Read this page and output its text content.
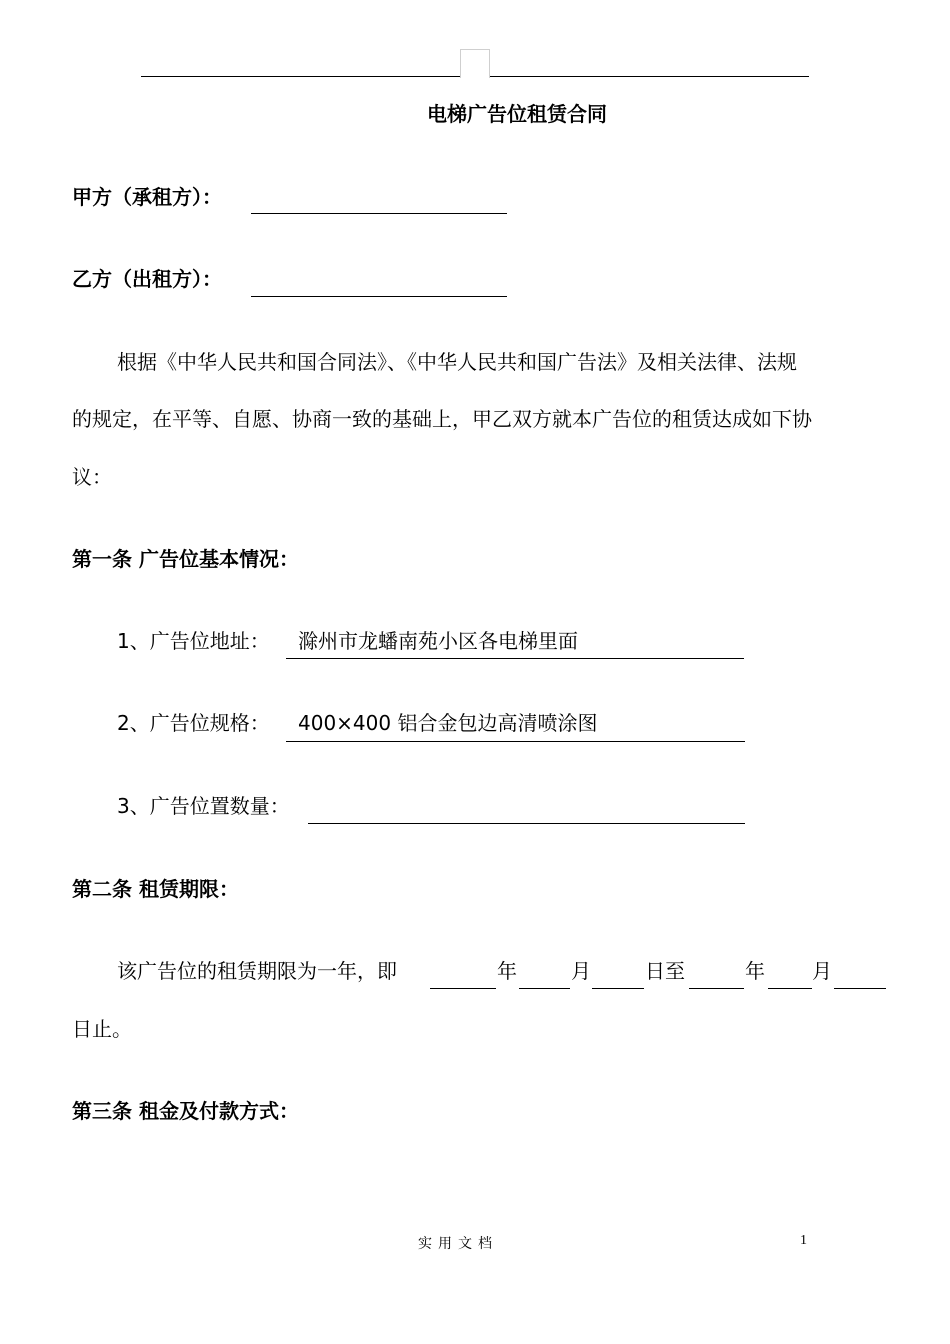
电梯广告位租赁合同
甲方（承租方）：
乙方（出租方）：
根据《中华人民共和国合同法》、《中华人民共和国广告法》及相关法律、法规
的规定，在平等、自愿、协商一致的基础上，甲乙双方就本广告位的租赁达成如下协
议：
第一条 广告位基本情况：
1、广告位地址： 滁州市龙蟠南苑小区各电梯里面
2、广告位规格： 400×400 铝合金包边高清喷涂图
3、广告位置数量：
第二条 租赁期限：
该广告位的租赁期限为一年，即	年	月	日至	年 月
日止。
第三条 租金及付款方式：
实用文档	1
